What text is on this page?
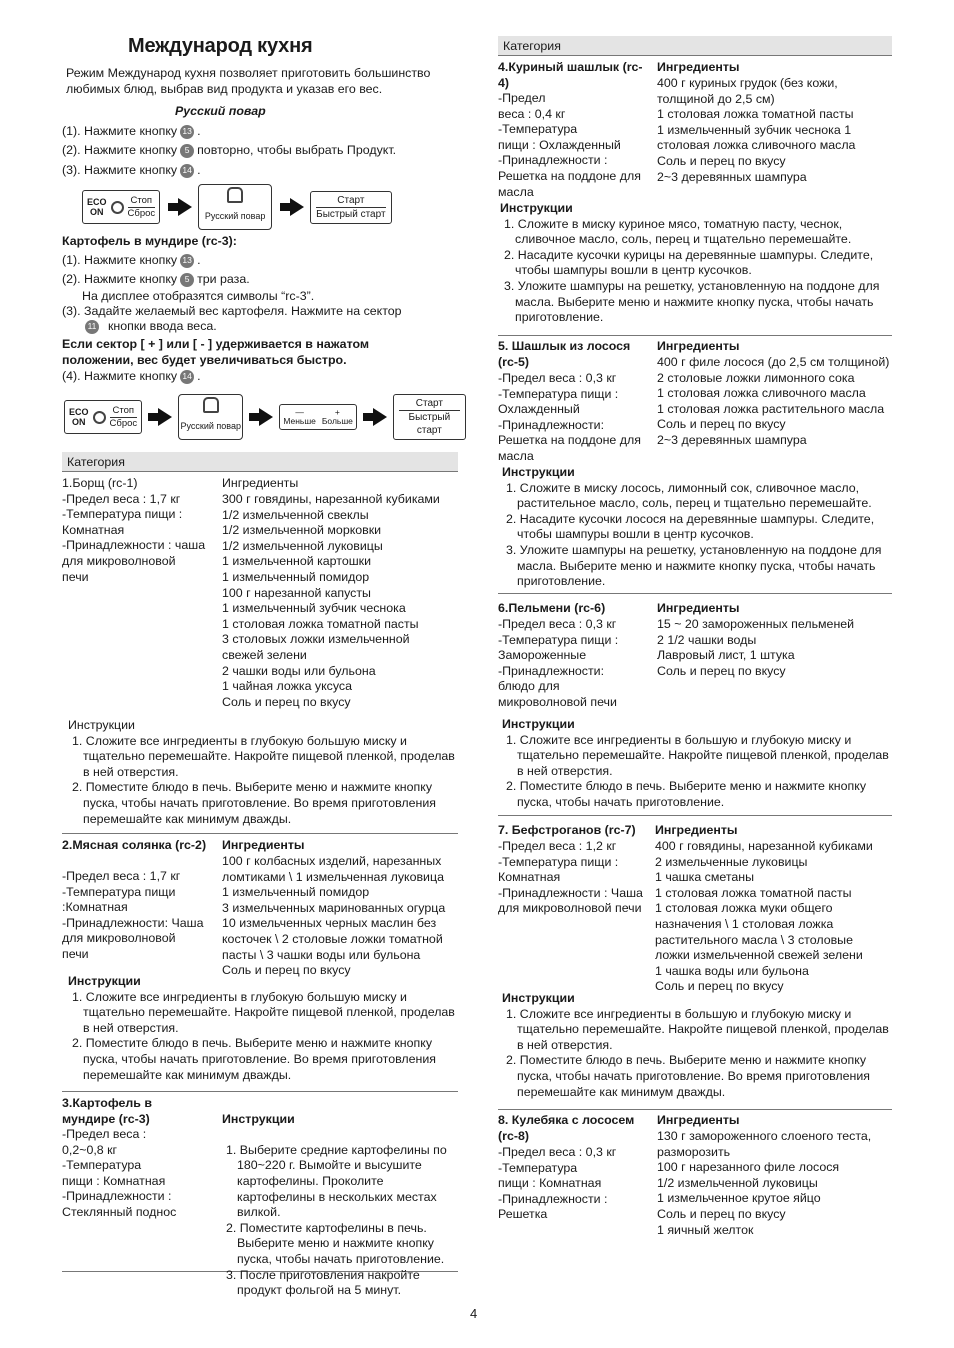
Международ кухня
Режим Международ кухня позволяет приготовить большинство любимых блюд, выбрав вид продукта и указав его вес.
Русский повар
(1). Нажмите кнопку 13 .
(2). Нажмите кнопку 5 повторно, чтобы выбрать Продукт.
(3). Нажмите кнопку 14 .
ECO
ON
Стоп
Сброс	Русский повар
Старт
Быстрый старт
Картофель в мундире (rc-3):
(1). Нажмите кнопку 13 .
(2). Нажмите кнопку 5 три раза.
На дисплее отобразятся символы “rc-3”.
(3). Задайте желаемый вес картофеля. Нажмите на сектор
11 кнопки ввода веса.
Если сектор [ + ] или [ - ] удерживается в нажатом положении, вес будет увеличиваться быстро.
(4). Нажмите кнопку 14 .
ECO
ON
Стоп
Сброс	Русский повар
—
Меньше
+
Больше
Старт
Быстрый старт
Категория
1.Борщ (rc-1)
-Предел веса : 1,7 кг
-Температура пищи :
Комнатная
-Принадлежности : чаша
для микроволновой
печи
Ингредиенты
300 г говядины, нарезанной кубиками
1/2 измельченной свеклы
1/2 измельченной морковки
1/2 измельченной луковицы
1 измельченной картошки
1 измельченный помидор
100 г нарезанной капусты
1 измельченный зубчик чеснока
1 столовая ложка томатной пасты
3 столовых ложки измельченной
свежей зелени
2 чашки воды или бульона
1 чайная ложка уксуса
Соль и перец по вкусу
Инструкции
1. Сложите все ингредиенты в глубокую большую миску и тщательно перемешайте. Накройте пищевой пленкой, проделав в ней отверстия.
2. Поместите блюдо в печь. Выберите меню и нажмите кнопку пуска, чтобы начать приготовление. Во время приготовления перемешайте как минимум дважды.
2.Мясная солянка (rc-2)
-Предел веса : 1,7 кг
-Температура пищи
:Комнатная
-Принадлежности: Чаша
для микроволновой
печи
Ингредиенты
100 г колбасных изделий, нарезанных
ломтиками \ 1 измельченная луковица
1 измельченный помидор
3 измельченных маринованных огурца
10 измельченных черных маслин без
косточек \ 2 столовые ложки томатной
пасты \ 3 чашки воды или бульона
Соль и перец по вкусу
Инструкции
1. Сложите все ингредиенты в глубокую большую миску и тщательно перемешайте. Накройте пищевой пленкой, проделав в ней отверстия.
2. Поместите блюдо в печь. Выберите меню и нажмите кнопку пуска, чтобы начать приготовление. Во время приготовления перемешайте как минимум дважды.
3.Картофель в мундире (rc-3)
-Предел веса :
0,2~0,8 кг
-Температура
пищи : Комнатная
-Принадлежности :
Стеклянный поднос

Инструкции

1. Выберите средние картофелины по 180~220 г. Вымойте и высушите картофелины. Проколите картофелины в нескольких местах вилкой.
2. Поместите картофелины в печь. Выберите меню и нажмите кнопку пуска, чтобы начать приготовление.
3. После приготовления накройте продукт фольгой на 5 минут.

Категория
4.Куриный шашлык (rc-4)
-Предел
веса : 0,4 кг
-Температура
пищи : Охлажденный
-Принадлежности :
Решетка на поддоне для
масла
Ингредиенты
400 г куриных грудок (без кожи,
толщиной до 2,5 см)
1 столовая ложка томатной пасты
1 измельченный зубчик чеснока 1
столовая ложка сливочного масла
Соль и перец по вкусу
2~3 деревянных шампура
Инструкции
1. Сложите в миску куриное мясо, томатную пасту, чеснок, сливочное масло, соль, перец и тщательно перемешайте.
2. Насадите кусочки курицы на деревянные шампуры. Следите, чтобы шампуры вошли в центр кусочков.
3. Уложите шампуры на решетку, установленную на поддоне для масла. Выберите меню и нажмите кнопку пуска, чтобы начать приготовление.
5. Шашлык из лосося (rc-5)
-Предел веса : 0,3 кг
-Температура пищи :
Охлажденный
-Принадлежности:
Решетка на поддоне для
масла
Ингредиенты
400 г филе лосося (до 2,5 см толщиной)
2 столовые ложки лимонного сока
1 столовая ложка сливочного масла
1 столовая ложка растительного масла
Соль и перец по вкусу
2~3 деревянных шампура
Инструкции
1. Сложите в миску лосось, лимонный сок, сливочное масло, растительное масло, соль, перец и тщательно перемешайте.
2. Насадите кусочки лосося на деревянные шампуры. Следите, чтобы шампуры вошли в центр кусочков.
3. Уложите шампуры на решетку, установленную на поддоне для масла. Выберите меню и нажмите кнопку пуска, чтобы начать приготовление.
6.Пельмени (rc-6)
-Предел веса : 0,3 кг
-Температура пищи :
Замороженные
-Принадлежности:
блюдо для
микроволновой печи
Ингредиенты
15 ~ 20 замороженных пельменей
2 1/2 чашки воды
Лавровый лист, 1 штука
Соль и перец по вкусу
Инструкции
1. Сложите все ингредиенты в большую и глубокую миску и тщательно перемешайте. Накройте пищевой пленкой, проделав в ней отверстия.
2. Поместите блюдо в печь. Выберите меню и нажмите кнопку пуска, чтобы начать приготовление.
7. Бефстроганов (rc-7)
-Предел веса : 1,2 кг
-Температура пищи :
Комнатная
-Принадлежности : Чаша
для микроволновой печи
Ингредиенты
400 г говядины, нарезанной кубиками
2 измельченные луковицы
1 чашка сметаны
1 столовая ложка томатной пасты
1 столовая ложка муки общего
назначения \ 1 столовая ложка
растительного масла \ 3 столовые
ложки измельченной свежей зелени
1 чашка воды или бульона
Соль и перец по вкусу
Инструкции
1. Сложите все ингредиенты в большую и глубокую миску и тщательно перемешайте. Накройте пищевой пленкой, проделав в ней отверстия.
2. Поместите блюдо в печь. Выберите меню и нажмите кнопку пуска, чтобы начать приготовление. Во время приготовления перемешайте как минимум дважды.
8. Кулебяка с лососем (rc-8)
-Предел веса : 0,3 кг
-Температура
пищи : Комнатная
-Принадлежности :
Решетка
Ингредиенты
130 г замороженного слоеного теста,
разморозить
100 г нарезанного филе лосося
1/2 измельченной луковицы
1 измельченное крутое яйцо
Соль и перец по вкусу
1 яичный желток
4
